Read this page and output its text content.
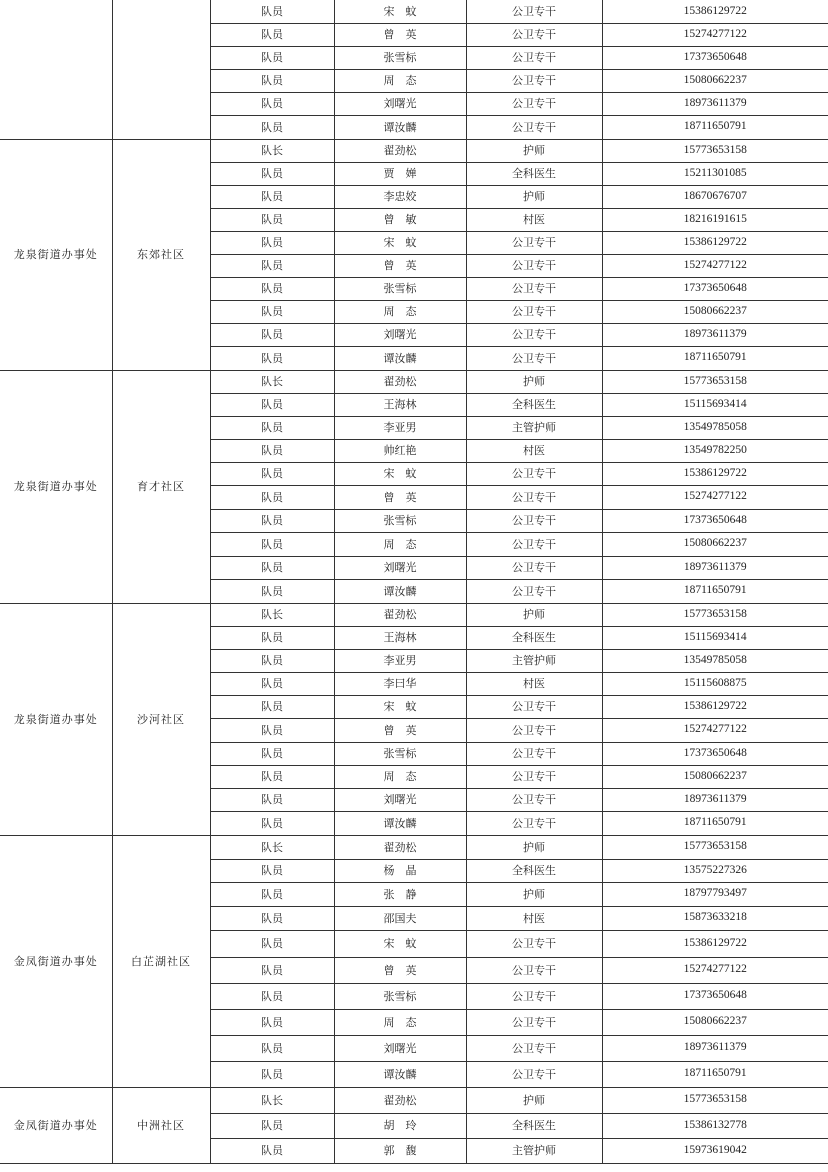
		队员	宋　蚊	公卫专干	15386129722
		队员	曾　英	公卫专干	15274277122
		队员	张雪标	公卫专干	17373650648
		队员	周　态	公卫专干	15080662237
		队员	刘曙光	公卫专干	18973611379
		队员	谭汝麟	公卫专干	18711650791
龙泉街道办事处	东郊社区	队长	翟劲松	护师	15773653158
		队员	贾　婵	全科医生	15211301085
		队员	李忠姣	护师	18670676707
		队员	曾　敏	村医	18216191615
		队员	宋　蚊	公卫专干	15386129722
		队员	曾　英	公卫专干	15274277122
		队员	张雪标	公卫专干	17373650648
		队员	周　态	公卫专干	15080662237
		队员	刘曙光	公卫专干	18973611379
		队员	谭汝麟	公卫专干	18711650791
龙泉街道办事处	育才社区	队长	翟劲松	护师	15773653158
		队员	王海林	全科医生	15115693414
		队员	李亚男	主管护师	13549785058
		队员	帅红艳	村医	13549782250
		队员	宋　蚊	公卫专干	15386129722
		队员	曾　英	公卫专干	15274277122
		队员	张雪标	公卫专干	17373650648
		队员	周　态	公卫专干	15080662237
		队员	刘曙光	公卫专干	18973611379
		队员	谭汝麟	公卫专干	18711650791
龙泉街道办事处	沙河社区	队长	翟劲松	护师	15773653158
		队员	王海林	全科医生	15115693414
		队员	李亚男	主管护师	13549785058
		队员	李曰华	村医	15115608875
		队员	宋　蚊	公卫专干	15386129722
		队员	曾　英	公卫专干	15274277122
		队员	张雪标	公卫专干	17373650648
		队员	周　态	公卫专干	15080662237
		队员	刘曙光	公卫专干	18973611379
		队员	谭汝麟	公卫专干	18711650791
金凤街道办事处	白芷湖社区	队长	翟劲松	护师	15773653158
		队员	杨　晶	全科医生	13575227326
		队员	张　静	护师	18797793497
		队员	邵国夫	村医	15873633218
		队员	宋　蚊	公卫专干	15386129722
		队员	曾　英	公卫专干	15274277122
		队员	张雪标	公卫专干	17373650648
		队员	周　态	公卫专干	15080662237
		队员	刘曙光	公卫专干	18973611379
		队员	谭汝麟	公卫专干	18711650791
金凤街道办事处	中洲社区	队长	翟劲松	护师	15773653158
		队员	胡　玲	全科医生	15386132778
		队员	郭　馥	主管护师	15973619042
